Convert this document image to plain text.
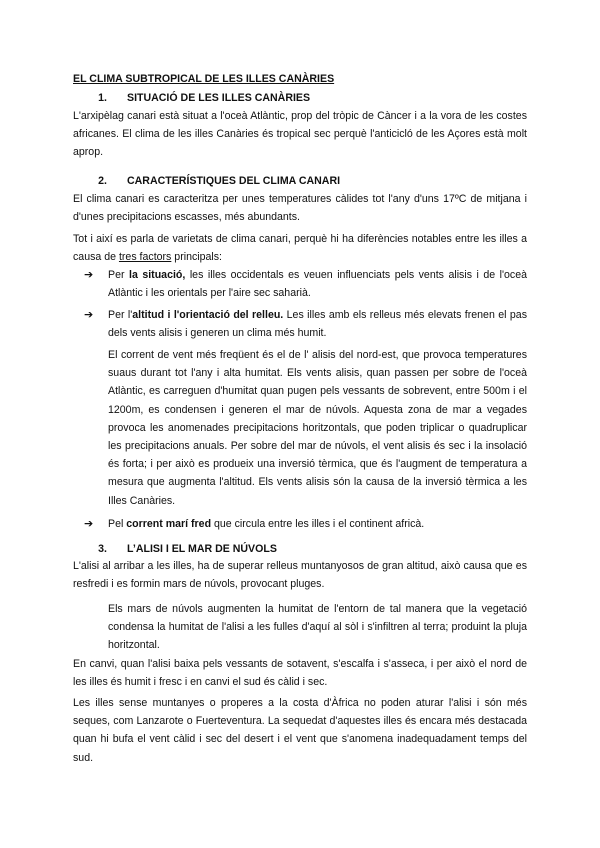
EL CLIMA SUBTROPICAL DE LES ILLES CANÀRIES
1. SITUACIÓ DE LES ILLES CANÀRIES

L'arxipèlag canari està situat a l'oceà Atlàntic, prop del tròpic de Càncer i a la vora de les costes africanes. El clima de les illes Canàries és tropical sec perquè l'anticicló de les Açores està molt aprop.

2. CARACTERÍSTIQUES DEL CLIMA CANARI

El clima canari es caracteritza per unes temperatures càlides tot l'any d'uns 17ºC de mitjana i d'unes precipitacions escasses, més abundants.

Tot i així es parla de varietats de clima canari, perquè hi ha diferències notables entre les illes a causa de tres factors principals:

➔	Per la situació, les illes occidentals es veuen influenciats pels vents alisis i de l'oceà Atlàntic i les orientals per l'aire sec saharià.
➔	Per l'altitud i l'orientació del relleu. Les illes amb els relleus més elevats frenen el pas dels vents alisis i generen un clima més humit.

El corrent de vent més freqüent és el de l' alisis del nord-est, que provoca temperatures suaus durant tot l'any i alta humitat. Els vents alisis, quan passen per sobre de l'oceà Atlàntic, es carreguen d'humitat quan pugen pels vessants de sobrevent, entre 500m i el 1200m, es condensen i generen el mar de núvols. Aquesta zona de mar a vegades provoca les anomenades precipitacions horitzontals, que poden triplicar o quadruplicar les precipitacions anuals. Per sobre del mar de núvols, el vent alisis és sec i la insolació és forta; i per això es produeix una inversió tèrmica, que és l'augment de temperatura a mesura que augmenta l'altitud. Els vents alisis són la causa de la inversió tèrmica a les Illes Canàries.

➔	Pel corrent marí fred que circula entre les illes i el continent africà.
3. L’ALISI I EL MAR DE NÚVOLS

L'alisi al arribar a les illes, ha de superar relleus muntanyosos de gran altitud, això causa que es resfredi i es formin mars de núvols, provocant pluges.

Els mars de núvols augmenten la humitat de l'entorn de tal manera que la vegetació condensa la humitat de l'alisi a les fulles d'aquí al sòl i s'infiltren al terra; produint la pluja horitzontal.

En canvi, quan l'alisi baixa pels vessants de sotavent, s'escalfa i s'asseca, i per això el nord de les illes és humit i fresc i en canvi el sud és càlid i sec.

Les illes sense muntanyes o properes a la costa d'Àfrica no poden aturar l'alisi i són més seques, com Lanzarote o Fuerteventura. La sequedat d'aquestes illes és encara més destacada quan hi bufa el vent càlid i sec del desert i el vent que s'anomena inadequadament temps del sud.
